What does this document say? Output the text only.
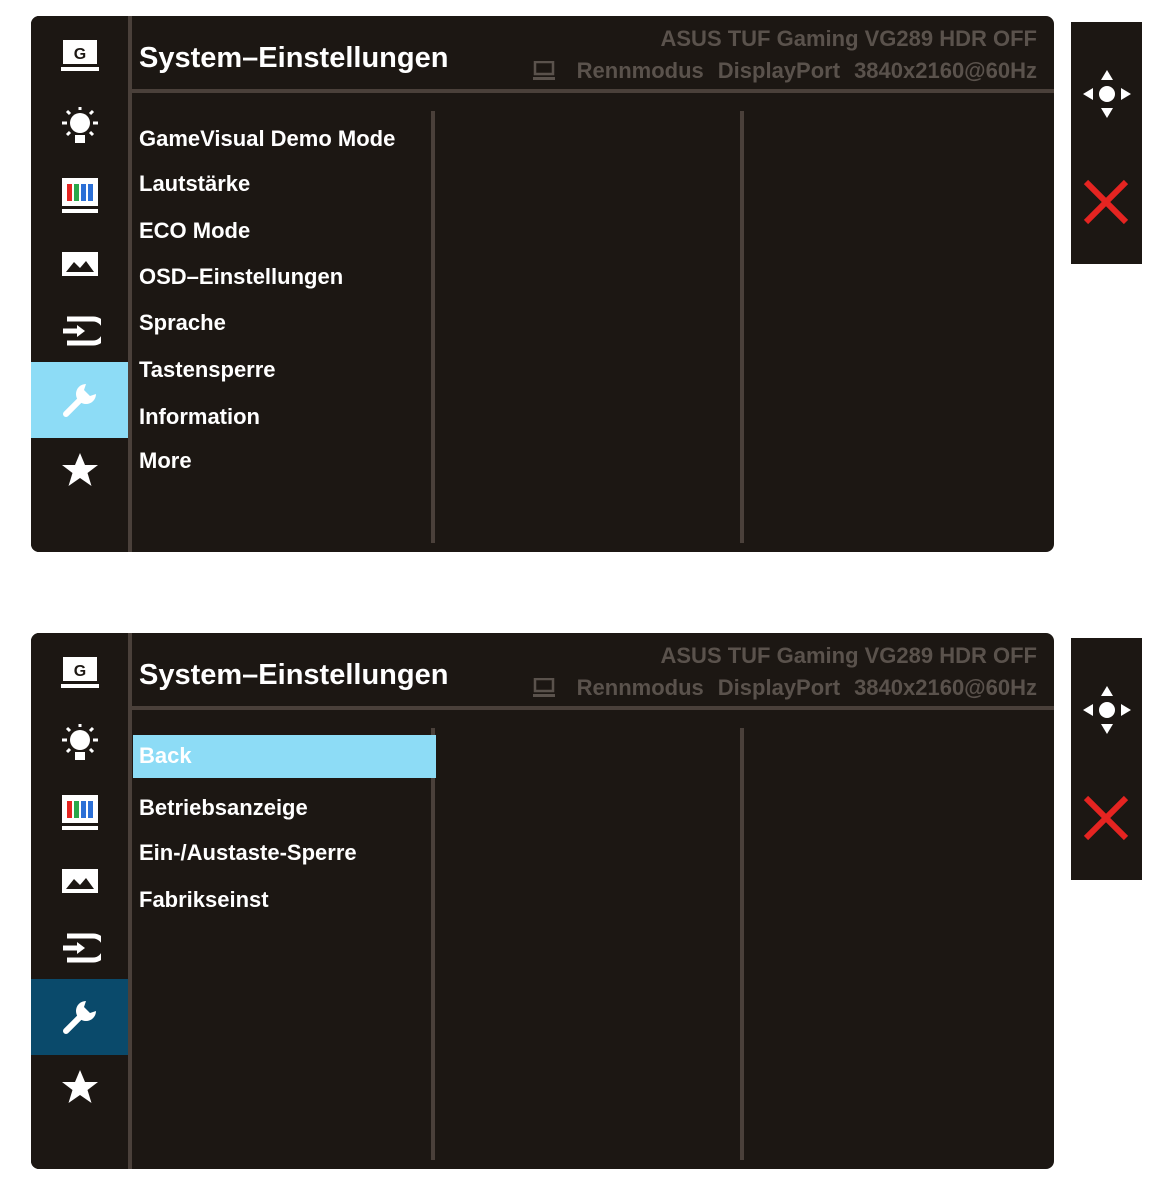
G System–Einstellungen
ASUS TUF Gaming VG289 HDR OFF
Rennmodus DisplayPort 3840x2160@60Hz
GameVisual Demo Mode
Lautstärke
ECO Mode
OSD–Einstellungen
Sprache
Tastensperre
Information
More
G System–Einstellungen
ASUS TUF Gaming VG289 HDR OFF
Rennmodus DisplayPort 3840x2160@60Hz
Back
Betriebsanzeige
Ein-/Austaste-Sperre
Fabrikseinst
